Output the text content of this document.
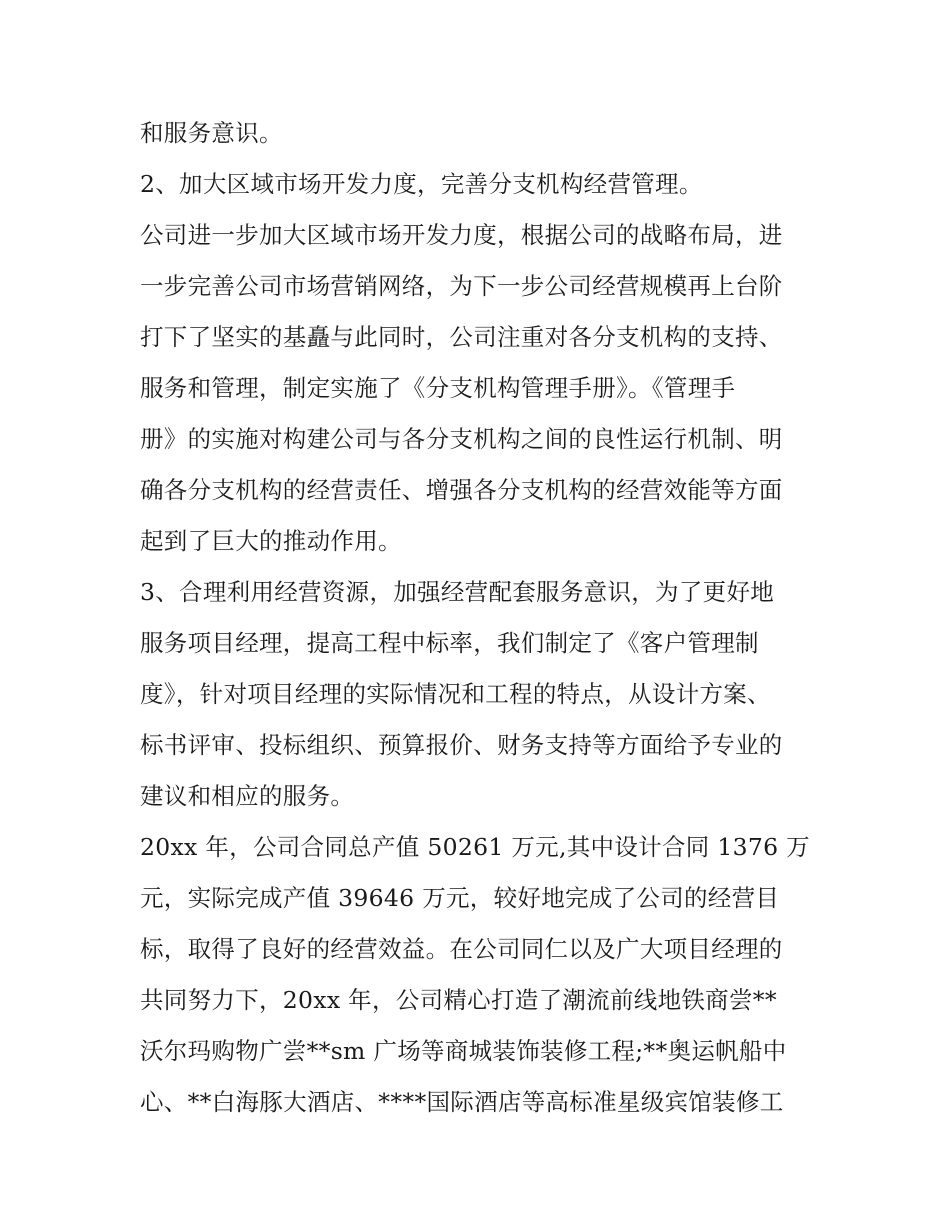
和服务意识。
2、加大区域市场开发力度，完善分支机构经营管理。
公司进一步加大区域市场开发力度，根据公司的战略布局，进
一步完善公司市场营销网络，为下一步公司经营规模再上台阶
打下了坚实的基矗与此同时，公司注重对各分支机构的支持、
服务和管理，制定实施了《分支机构管理手册》。《管理手
册》的实施对构建公司与各分支机构之间的良性运行机制、明
确各分支机构的经营责任、增强各分支机构的经营效能等方面
起到了巨大的推动作用。
3、合理利用经营资源，加强经营配套服务意识，为了更好地
服务项目经理，提高工程中标率，我们制定了《客户管理制
度》，针对项目经理的实际情况和工程的特点，从设计方案、
标书评审、投标组织、预算报价、财务支持等方面给予专业的
建议和相应的服务。
20xx 年，公司合同总产值 50261 万元,其中设计合同 1376 万
元，实际完成产值 39646 万元，较好地完成了公司的经营目
标，取得了良好的经营效益。在公司同仁以及广大项目经理的
共同努力下，20xx 年，公司精心打造了潮流前线地铁商尝**
沃尔玛购物广尝**sm 广场等商城装饰装修工程;**奥运帆船中
心、**白海豚大酒店、****国际酒店等高标准星级宾馆装修工
